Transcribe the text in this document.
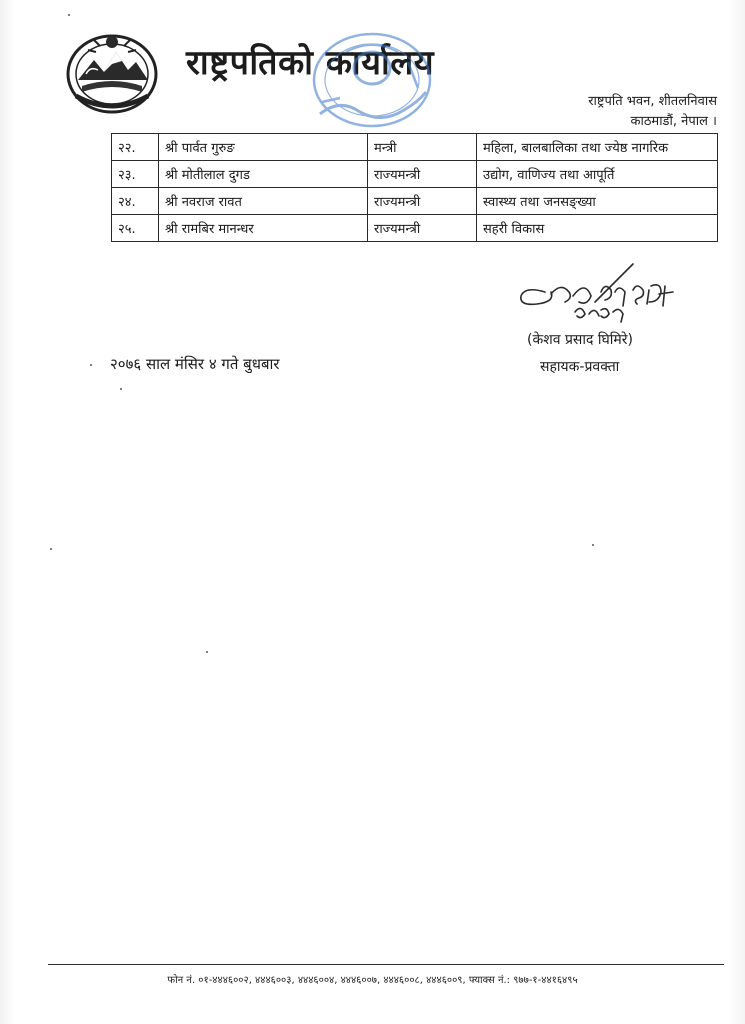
राष्ट्रपतिको कार्यालय
राष्ट्रपति भवन, शीतलनिवास
काठमाडौं, नेपाल ।
२२.	श्री पार्वत गुरुङ	मन्त्री	महिला, बालबालिका तथा ज्येष्ठ नागरिक
२३.	श्री मोतीलाल दुगड	राज्यमन्त्री	उद्योग, वाणिज्य तथा आपूर्ति
२४.	श्री नवराज रावत	राज्यमन्त्री	स्वास्थ्य तथा जनसङ्ख्या
२५.	श्री रामबिर मानन्धर	राज्यमन्त्री	सहरी विकास
(केशव प्रसाद घिमिरे)
सहायक-प्रवक्ता
२०७६ साल मंसिर ४ गते बुधबार
फोन नं. ०१-४४४६००२, ४४४६००३, ४४४६००४, ४४४६००७, ४४४६००८, ४४४६००९, फ्याक्स नं.: ९७७-१-४४१६४९५
